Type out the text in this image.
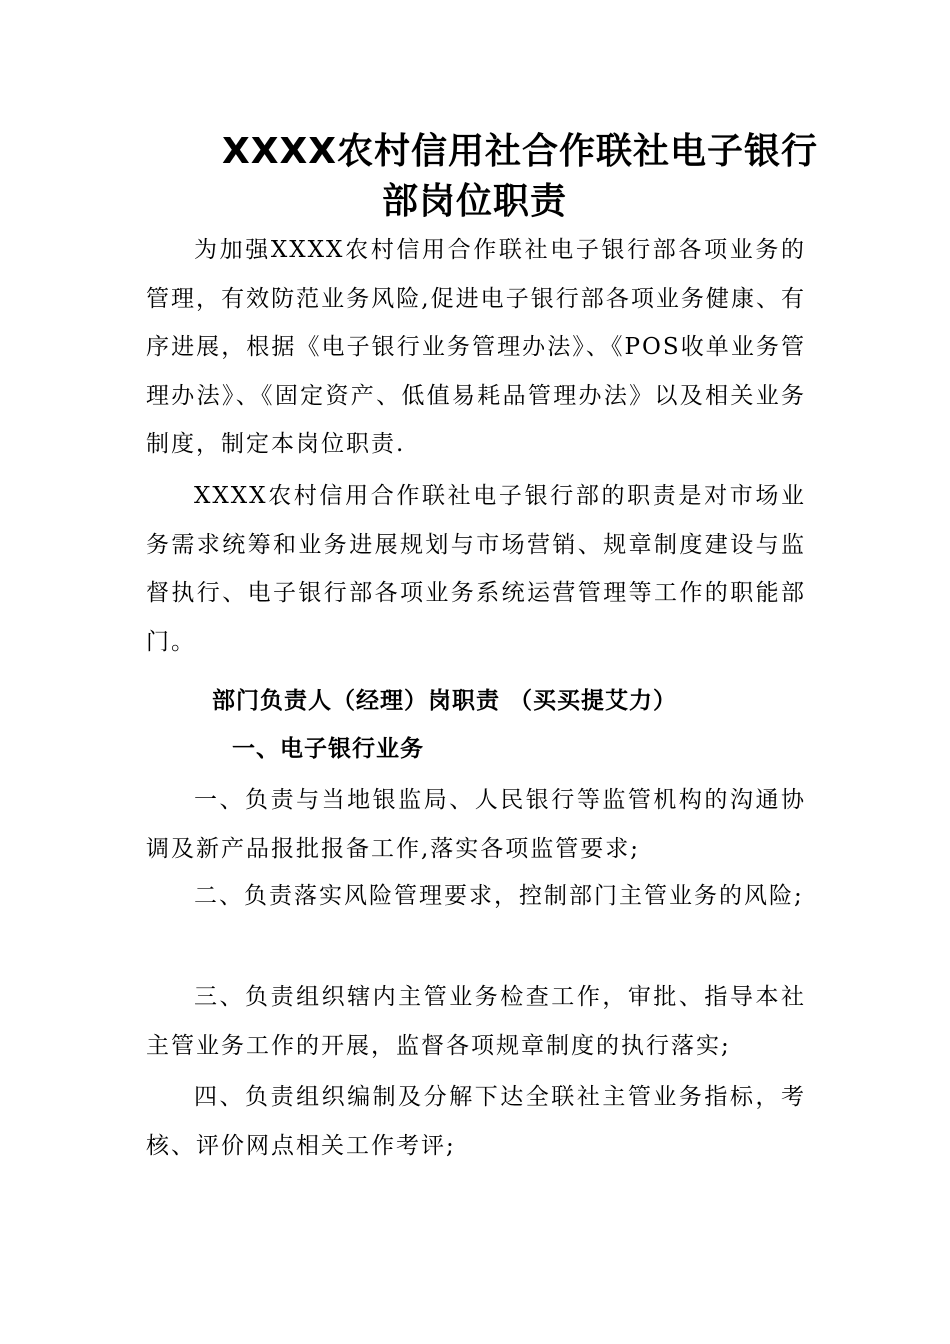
XXXX农村信用社合作联社电子银行
部岗位职责

为加强XXXX农村信用合作联社电子银行部各项业务的管理，有效防范业务风险,促进电子银行部各项业务健康、有序进展，根据《电子银行业务管理办法》、《POS收单业务管理办法》、《固定资产、低值易耗品管理办法》以及相关业务制度，制定本岗位职责.

XXXX农村信用合作联社电子银行部的职责是对市场业务需求统筹和业务进展规划与市场营销、规章制度建设与监督执行、电子银行部各项业务系统运营管理等工作的职能部门。

部门负责人（经理）岗职责 （买买提艾力）
一、电子银行业务

一、负责与当地银监局、人民银行等监管机构的沟通协调及新产品报批报备工作,落实各项监管要求;

二、负责落实风险管理要求，控制部门主管业务的风险;

三、负责组织辖内主管业务检查工作，审批、指导本社主管业务工作的开展，监督各项规章制度的执行落实;

四、负责组织编制及分解下达全联社主管业务指标，考核、评价网点相关工作考评;
